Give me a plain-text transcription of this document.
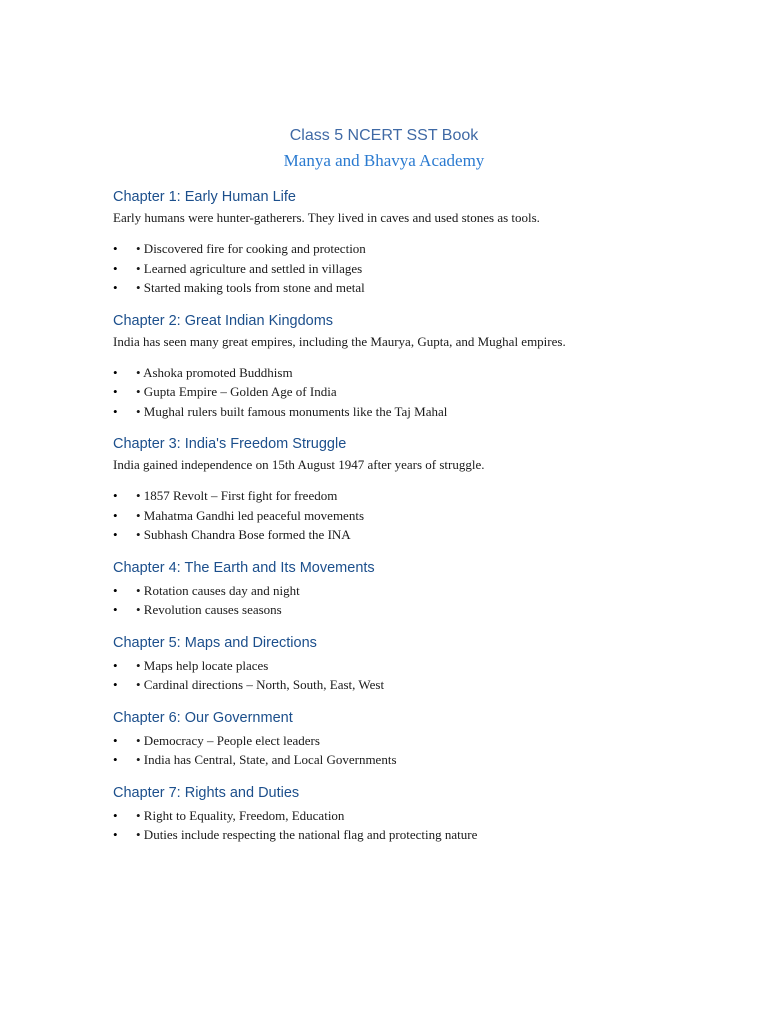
Class 5 NCERT SST Book
Manya and Bhavya Academy
Chapter 1: Early Human Life
Early humans were hunter-gatherers. They lived in caves and used stones as tools.
• • Discovered fire for cooking and protection
• • Learned agriculture and settled in villages
• • Started making tools from stone and metal
Chapter 2: Great Indian Kingdoms
India has seen many great empires, including the Maurya, Gupta, and Mughal empires.
• • Ashoka promoted Buddhism
• • Gupta Empire – Golden Age of India
• • Mughal rulers built famous monuments like the Taj Mahal
Chapter 3: India's Freedom Struggle
India gained independence on 15th August 1947 after years of struggle.
• • 1857 Revolt – First fight for freedom
• • Mahatma Gandhi led peaceful movements
• • Subhash Chandra Bose formed the INA
Chapter 4: The Earth and Its Movements
• • Rotation causes day and night
• • Revolution causes seasons
Chapter 5: Maps and Directions
• • Maps help locate places
• • Cardinal directions – North, South, East, West
Chapter 6: Our Government
• • Democracy – People elect leaders
• • India has Central, State, and Local Governments
Chapter 7: Rights and Duties
• • Right to Equality, Freedom, Education
• • Duties include respecting the national flag and protecting nature
